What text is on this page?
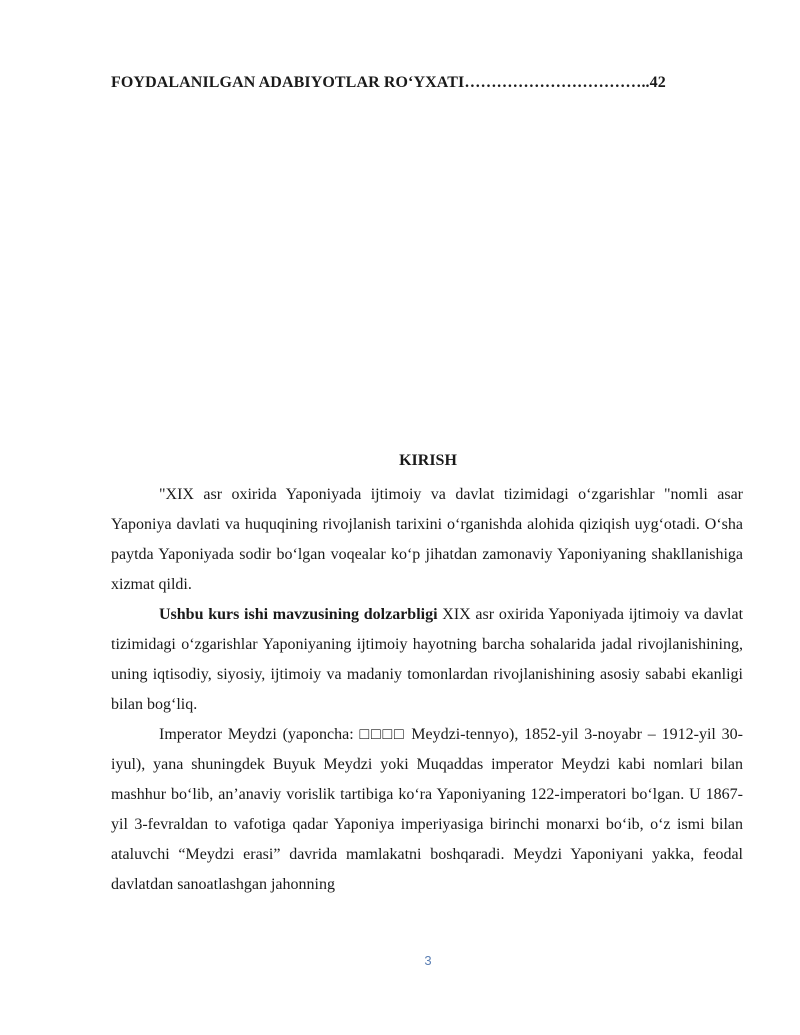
FOYDALANILGAN ADABIYOTLAR RO‘YXATI……………………………..42
KIRISH

"XIX asr oxirida Yaponiyada ijtimoiy va davlat tizimidagi o‘zgarishlar "nomli asar Yaponiya davlati va huquqining rivojlanish tarixini o‘rganishda alohida qiziqish uyg‘otadi. O‘sha paytda Yaponiyada sodir bo‘lgan voqealar ko‘p jihatdan zamonaviy Yaponiyaning shakllanishiga xizmat qildi.

Ushbu kurs ishi mavzusining dolzarbligi XIX asr oxirida Yaponiyada ijtimoiy va davlat tizimidagi o‘zgarishlar Yaponiyaning ijtimoiy hayotning barcha sohalarida jadal rivojlanishining, uning iqtisodiy, siyosiy, ijtimoiy va madaniy tomonlardan rivojlanishining asosiy sababi ekanligi bilan bog‘liq.

Imperator Meydzi (yaponcha: □□□□ Meydzi-tennyo), 1852-yil 3-noyabr – 1912-yil 30-iyul), yana shuningdek Buyuk Meydzi yoki Muqaddas imperator Meydzi kabi nomlari bilan mashhur bo‘lib, an’anaviy vorislik tartibiga ko‘ra Yaponiyaning 122-imperatori bo‘lgan. U 1867-yil 3-fevraldan to vafotiga qadar Yaponiya imperiyasiga birinchi monarxi bo‘ib, o‘z ismi bilan ataluvchi “Meydzi erasi” davrida mamlakatni boshqaradi. Meydzi Yaponiyani yakka, feodal davlatdan sanoatlashgan jahonning

3
